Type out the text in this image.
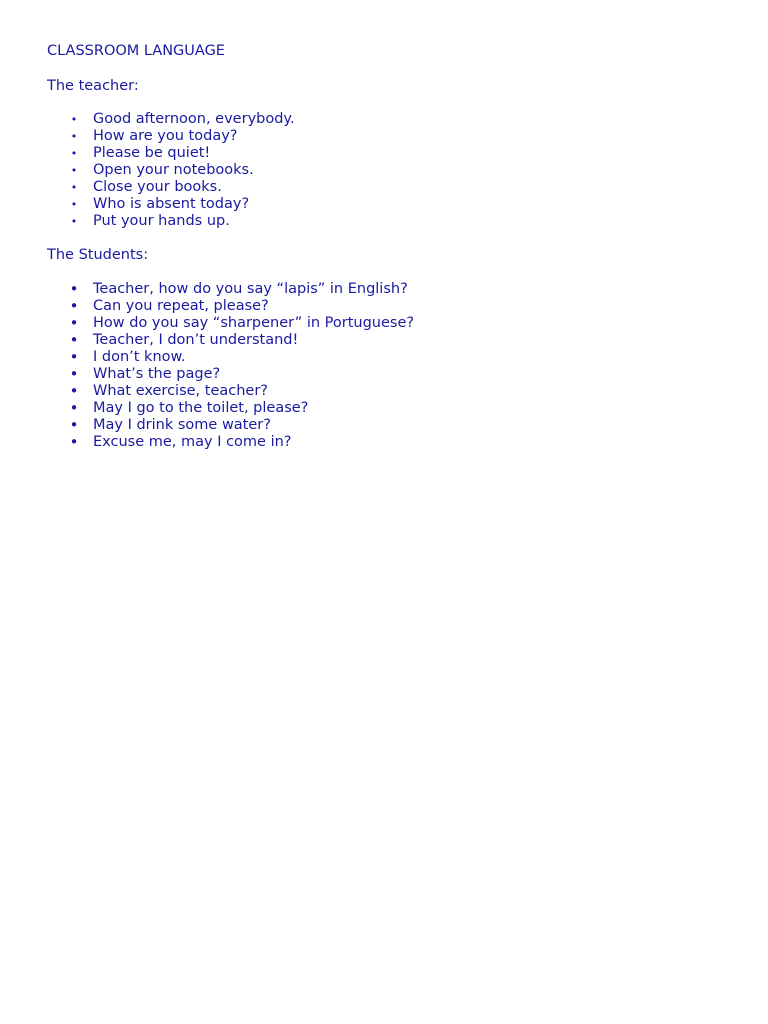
CLASSROOM LANGUAGE
The teacher:
• Good afternoon, everybody.
• How are you today?
• Please be quiet!
• Open your notebooks.
• Close your books.
• Who is absent today?
• Put your hands up.
The Students:
• Teacher, how do you say “lapis” in English?
• Can you repeat, please?
• How do you say “sharpener” in Portuguese?
• Teacher, I don’t understand!
• I don’t know.
• What’s the page?
• What exercise, teacher?
• May I go to the toilet, please?
• May I drink some water?
• Excuse me, may I come in?
